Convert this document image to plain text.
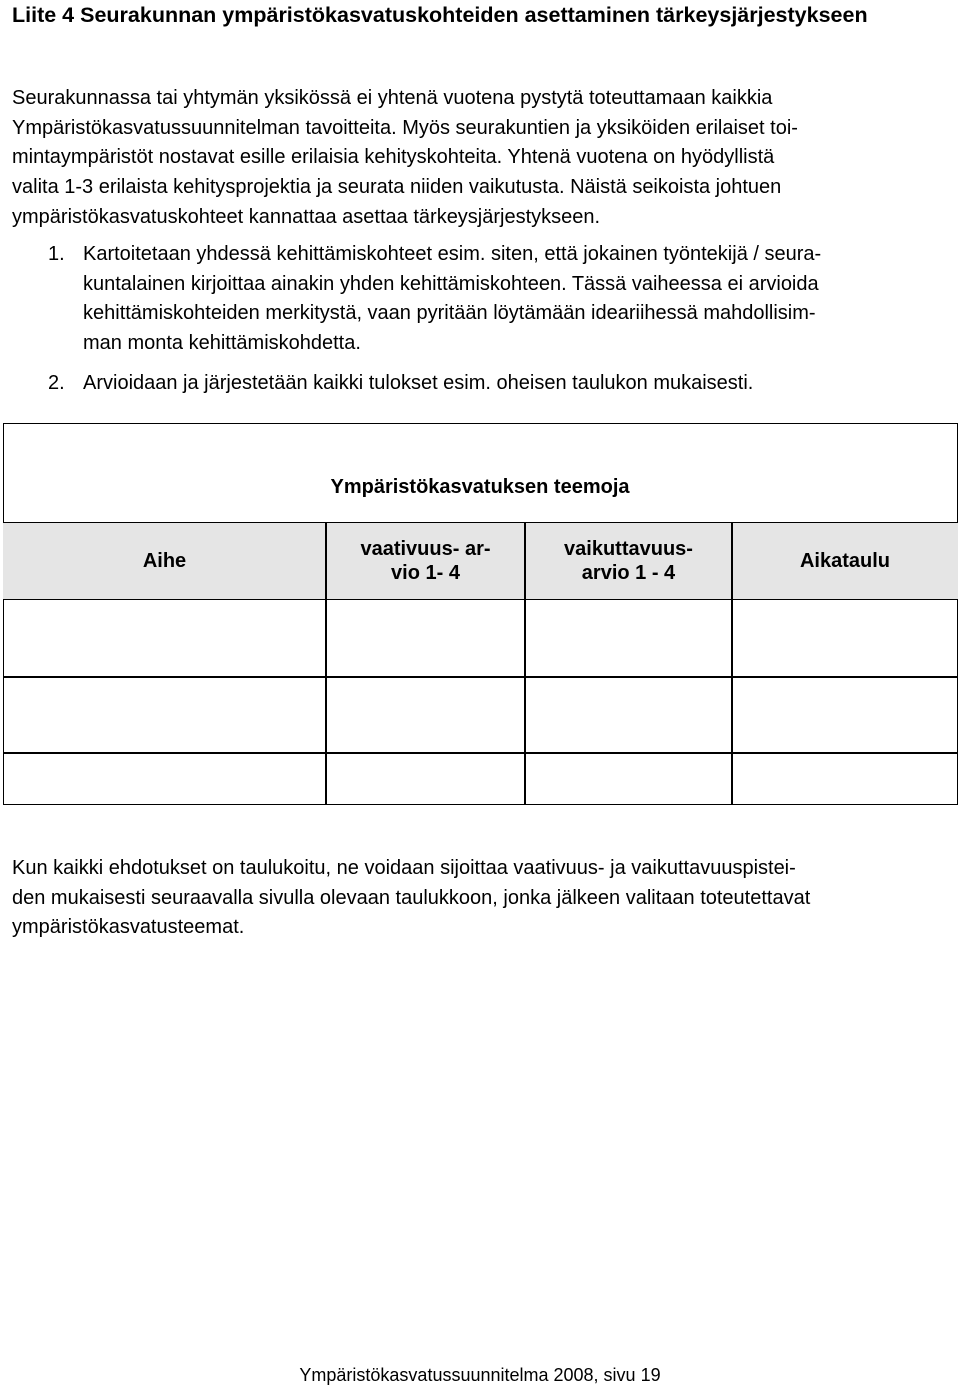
Liite 4 Seurakunnan ympäristökasvatuskohteiden asettaminen tärkeysjärjestykseen
Seurakunnassa tai yhtymän yksikössä ei yhtenä vuotena pystytä toteuttamaan kaikkia
Ympäristökasvatussuunnitelman tavoitteita. Myös seurakuntien ja yksiköiden erilaiset toi-
mintaympäristöt nostavat esille erilaisia kehityskohteita. Yhtenä vuotena on hyödyllistä
valita 1-3 erilaista kehitysprojektia ja seurata niiden vaikutusta. Näistä seikoista johtuen
ympäristökasvatuskohteet kannattaa asettaa tärkeysjärjestykseen.
1. Kartoitetaan yhdessä kehittämiskohteet esim. siten, että jokainen työntekijä / seura-
kuntalainen kirjoittaa ainakin yhden kehittämiskohteen. Tässä vaiheessa ei arvioida
kehittämiskohteiden merkitystä, vaan pyritään löytämään ideariihessä mahdollisim-
man monta kehittämiskohdetta.
2. Arvioidaan ja järjestetään kaikki tulokset esim. oheisen taulukon mukaisesti.
Ympäristökasvatuksen teemoja
Aihe
vaativuus- ar-
vio 1- 4
vaikuttavuus-
arvio 1 - 4
Aikataulu
Kun kaikki ehdotukset on taulukoitu, ne voidaan sijoittaa vaativuus- ja vaikuttavuuspistei-
den mukaisesti seuraavalla sivulla olevaan taulukkoon, jonka jälkeen valitaan toteutettavat
ympäristökasvatusteemat.
Ympäristökasvatussuunnitelma 2008, sivu 19
